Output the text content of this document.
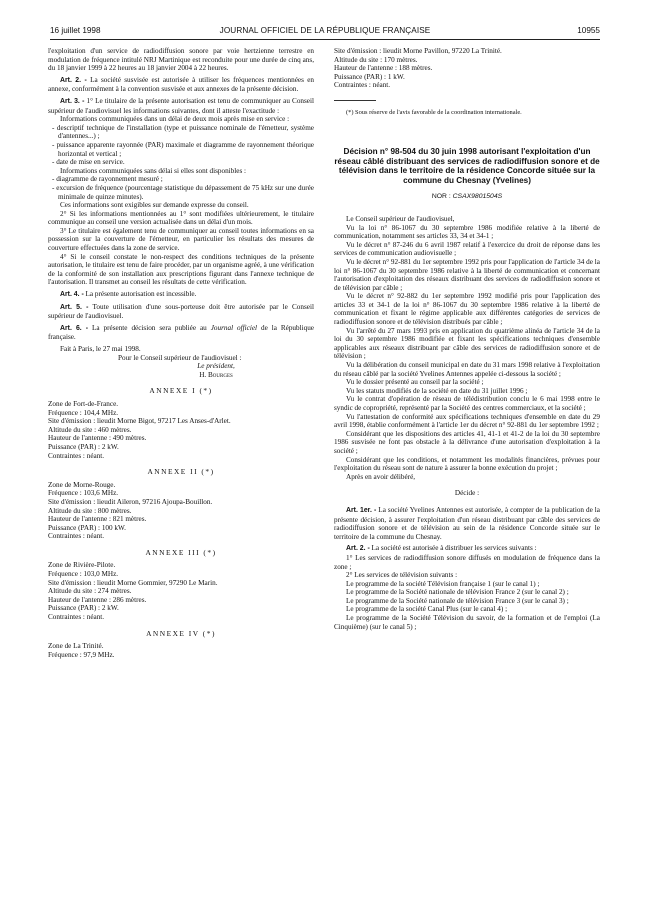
16 juillet 1998	JOURNAL OFFICIEL DE LA RÉPUBLIQUE FRANÇAISE	10955

l'exploitation d'un service de radiodiffusion sonore par voie hertzienne terrestre en modulation de fréquence intitulé NRJ Martinique est reconduite pour une durée de cinq ans, du 18 janvier 1999 à 22 heures au 18 janvier 2004 à 22 heures.

Art. 2. - La société susvisée est autorisée à utiliser les fréquences mentionnées en annexe, conformément à la convention susvisée et aux annexes de la présente décision.

Art. 3. - 1° Le titulaire de la présente autorisation est tenu de communiquer au Conseil supérieur de l'audiovisuel les informations suivantes, dont il atteste l'exactitude :

Informations communiquées dans un délai de deux mois après mise en service :

- descriptif technique de l'installation (type et puissance nominale de l'émetteur, système d'antennes...) ;

- puissance apparente rayonnée (PAR) maximale et diagramme de rayonnement théorique horizontal et vertical ;

- date de mise en service.

Informations communiquées sans délai si elles sont disponibles :

- diagramme de rayonnement mesuré ;

- excursion de fréquence (pourcentage statistique du dépassement de 75 kHz sur une durée minimale de quinze minutes).

Ces informations sont exigibles sur demande expresse du conseil.

2° Si les informations mentionnées au 1° sont modifiées ultérieurement, le titulaire communique au conseil une version actualisée dans un délai d'un mois.

3° Le titulaire est également tenu de communiquer au conseil toutes informations en sa possession sur la couverture de l'émetteur, en particulier les résultats des mesures de couverture effectuées dans la zone de service.

4° Si le conseil constate le non-respect des conditions techniques de la présente autorisation, le titulaire est tenu de faire procéder, par un organisme agréé, à une vérification de la conformité de son installation aux prescriptions figurant dans l'annexe technique de l'autorisation. Il transmet au conseil les résultats de cette vérification.

Art. 4. - La présente autorisation est incessible.

Art. 5. - Toute utilisation d'une sous-porteuse doit être autorisée par le Conseil supérieur de l'audiovisuel.

Art. 6. - La présente décision sera publiée au Journal officiel de la République française.

Fait à Paris, le 27 mai 1998.

Pour le Conseil supérieur de l'audiovisuel :

Le président,

H. Bourges

ANNEXE I (*)

Zone de Fort-de-France.

Fréquence : 104,4 MHz.

Site d'émission : lieudit Morne Bigot, 97217 Les Anses-d'Arlet.

Altitude du site : 460 mètres.

Hauteur de l'antenne : 490 mètres.

Puissance (PAR) : 2 kW.

Contraintes : néant.

ANNEXE II (*)

Zone de Morne-Rouge.

Fréquence : 103,6 MHz.

Site d'émission : lieudit Aileron, 97216 Ajoupa-Bouillon.

Altitude du site : 800 mètres.

Hauteur de l'antenne : 821 mètres.

Puissance (PAR) : 100 kW.

Contraintes : néant.

ANNEXE III (*)

Zone de Rivière-Pilote.

Fréquence : 103,0 MHz.

Site d'émission : lieudit Morne Gommier, 97290 Le Marin.

Altitude du site : 274 mètres.

Hauteur de l'antenne : 286 mètres.

Puissance (PAR) : 2 kW.

Contraintes : néant.

ANNEXE IV (*)

Zone de La Trinité.

Fréquence : 97,9 MHz.

Site d'émission : lieudit Morne Pavillon, 97220 La Trinité.

Altitude du site : 170 mètres.

Hauteur de l'antenne : 188 mètres.

Puissance (PAR) : 1 kW.

Contraintes : néant.

(*) Sous réserve de l'avis favorable de la coordination internationale.

Décision n° 98-504 du 30 juin 1998 autorisant l'exploitation d'un réseau câblé distribuant des services de radiodiffusion sonore et de télévision dans le territoire de la résidence Concorde située sur la commune du Chesnay (Yvelines)

NOR : CSAX9801504S

Le Conseil supérieur de l'audiovisuel,

Vu la loi n° 86-1067 du 30 septembre 1986 modifiée relative à la liberté de communication, notamment ses articles 33, 34 et 34-1 ;

Vu le décret n° 87-246 du 6 avril 1987 relatif à l'exercice du droit de réponse dans les services de communication audiovisuelle ;

Vu le décret n° 92-881 du 1er septembre 1992 pris pour l'application de l'article 34 de la loi n° 86-1067 du 30 septembre 1986 relative à la liberté de communication et concernant l'autorisation d'exploitation des réseaux distribuant des services de radiodiffusion sonore et de télévision par câble ;

Vu le décret n° 92-882 du 1er septembre 1992 modifié pris pour l'application des articles 33 et 34-1 de la loi n° 86-1067 du 30 septembre 1986 relative à la liberté de communication et fixant le régime applicable aux différentes catégories de services de radiodiffusion sonore et de télévision distribués par câble ;

Vu l'arrêté du 27 mars 1993 pris en application du quatrième alinéa de l'article 34 de la loi du 30 septembre 1986 modifiée et fixant les spécifications techniques d'ensemble applicables aux réseaux distribuant par câble des services de radiodiffusion sonore et de télévision ;

Vu la délibération du conseil municipal en date du 31 mars 1998 relative à l'exploitation du réseau câblé par la société Yvelines Antennes appelée ci-dessous la société ;

Vu le dossier présenté au conseil par la société ;

Vu les statuts modifiés de la société en date du 31 juillet 1996 ;

Vu le contrat d'opération de réseau de télédistribution conclu le 6 mai 1998 entre le syndic de copropriété, représenté par la Société des centres commerciaux, et la société ;

Vu l'attestation de conformité aux spécifications techniques d'ensemble en date du 29 avril 1998, établie conformément à l'article 1er du décret n° 92-881 du 1er septembre 1992 ;

Considérant que les dispositions des articles 41, 41-1 et 41-2 de la loi du 30 septembre 1986 susvisée ne font pas obstacle à la délivrance d'une autorisation d'exploitation à la société ;

Considérant que les conditions, et notamment les modalités financières, prévues pour l'exploitation du réseau sont de nature à assurer la bonne exécution du projet ;

Après en avoir délibéré,

Décide :

Art. 1er. - La société Yvelines Antennes est autorisée, à compter de la publication de la présente décision, à assurer l'exploitation d'un réseau distribuant par câble des services de radiodiffusion sonore et de télévision au sein de la résidence Concorde située sur le territoire de la commune du Chesnay.

Art. 2. - La société est autorisée à distribuer les services suivants :

1° Les services de radiodiffusion sonore diffusés en modulation de fréquence dans la zone ;

2° Les services de télévision suivants :

Le programme de la société Télévision française 1 (sur le canal 1) ;

Le programme de la Société nationale de télévision France 2 (sur le canal 2) ;

Le programme de la Société nationale de télévision France 3 (sur le canal 3) ;

Le programme de la société Canal Plus (sur le canal 4) ;

Le programme de la Société Télévision du savoir, de la formation et de l'emploi (La Cinquième) (sur le canal 5) ;
